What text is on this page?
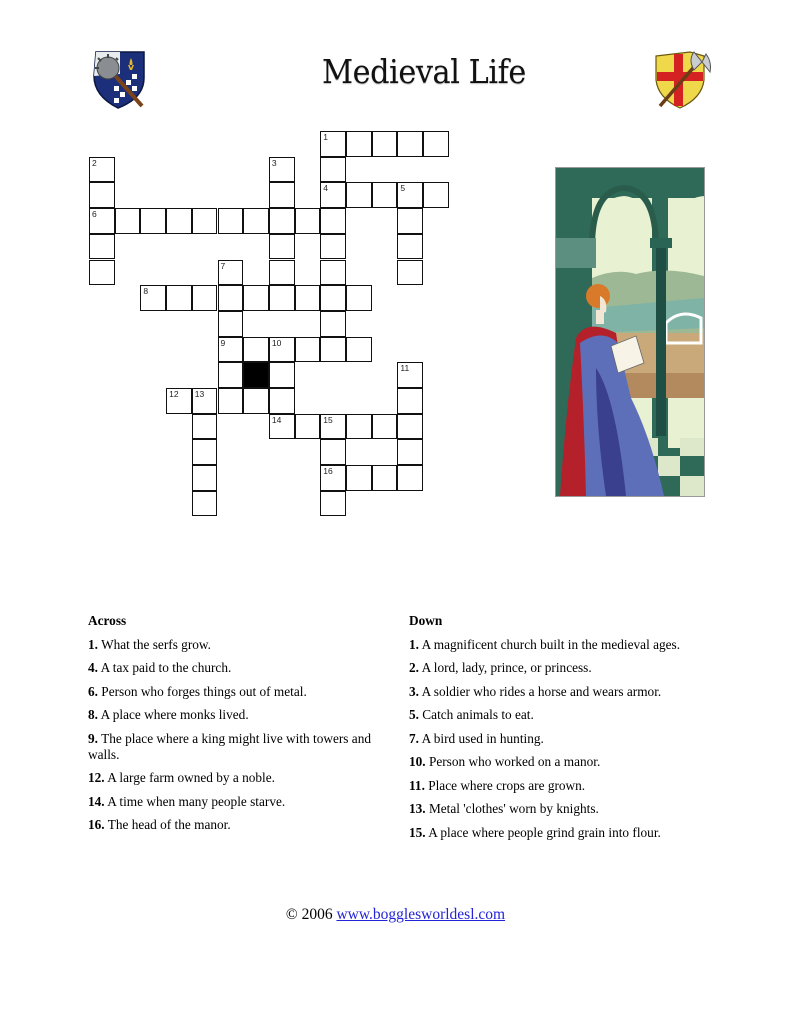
Medieval Life
1
2	3
4	5
6
7
8
9	10
11
12 13
14	15
16
Across
1. What the serfs grow.
4. A tax paid to the church.
6. Person who forges things out of metal.
8. A place where monks lived.
9. The place where a king might live with towers and walls.
12. A large farm owned by a noble.
14. A time when many people starve.
16. The head of the manor.
Down
1. A magnificent church built in the medieval ages.
2. A lord, lady, prince, or princess.
3. A soldier who rides a horse and wears armor.
5. Catch animals to eat.
7. A bird used in hunting.
10. Person who worked on a manor.
11. Place where crops are grown.
13. Metal 'clothes' worn by knights.
15. A place where people grind grain into flour.
© 2006 www.bogglesworldesl.com
